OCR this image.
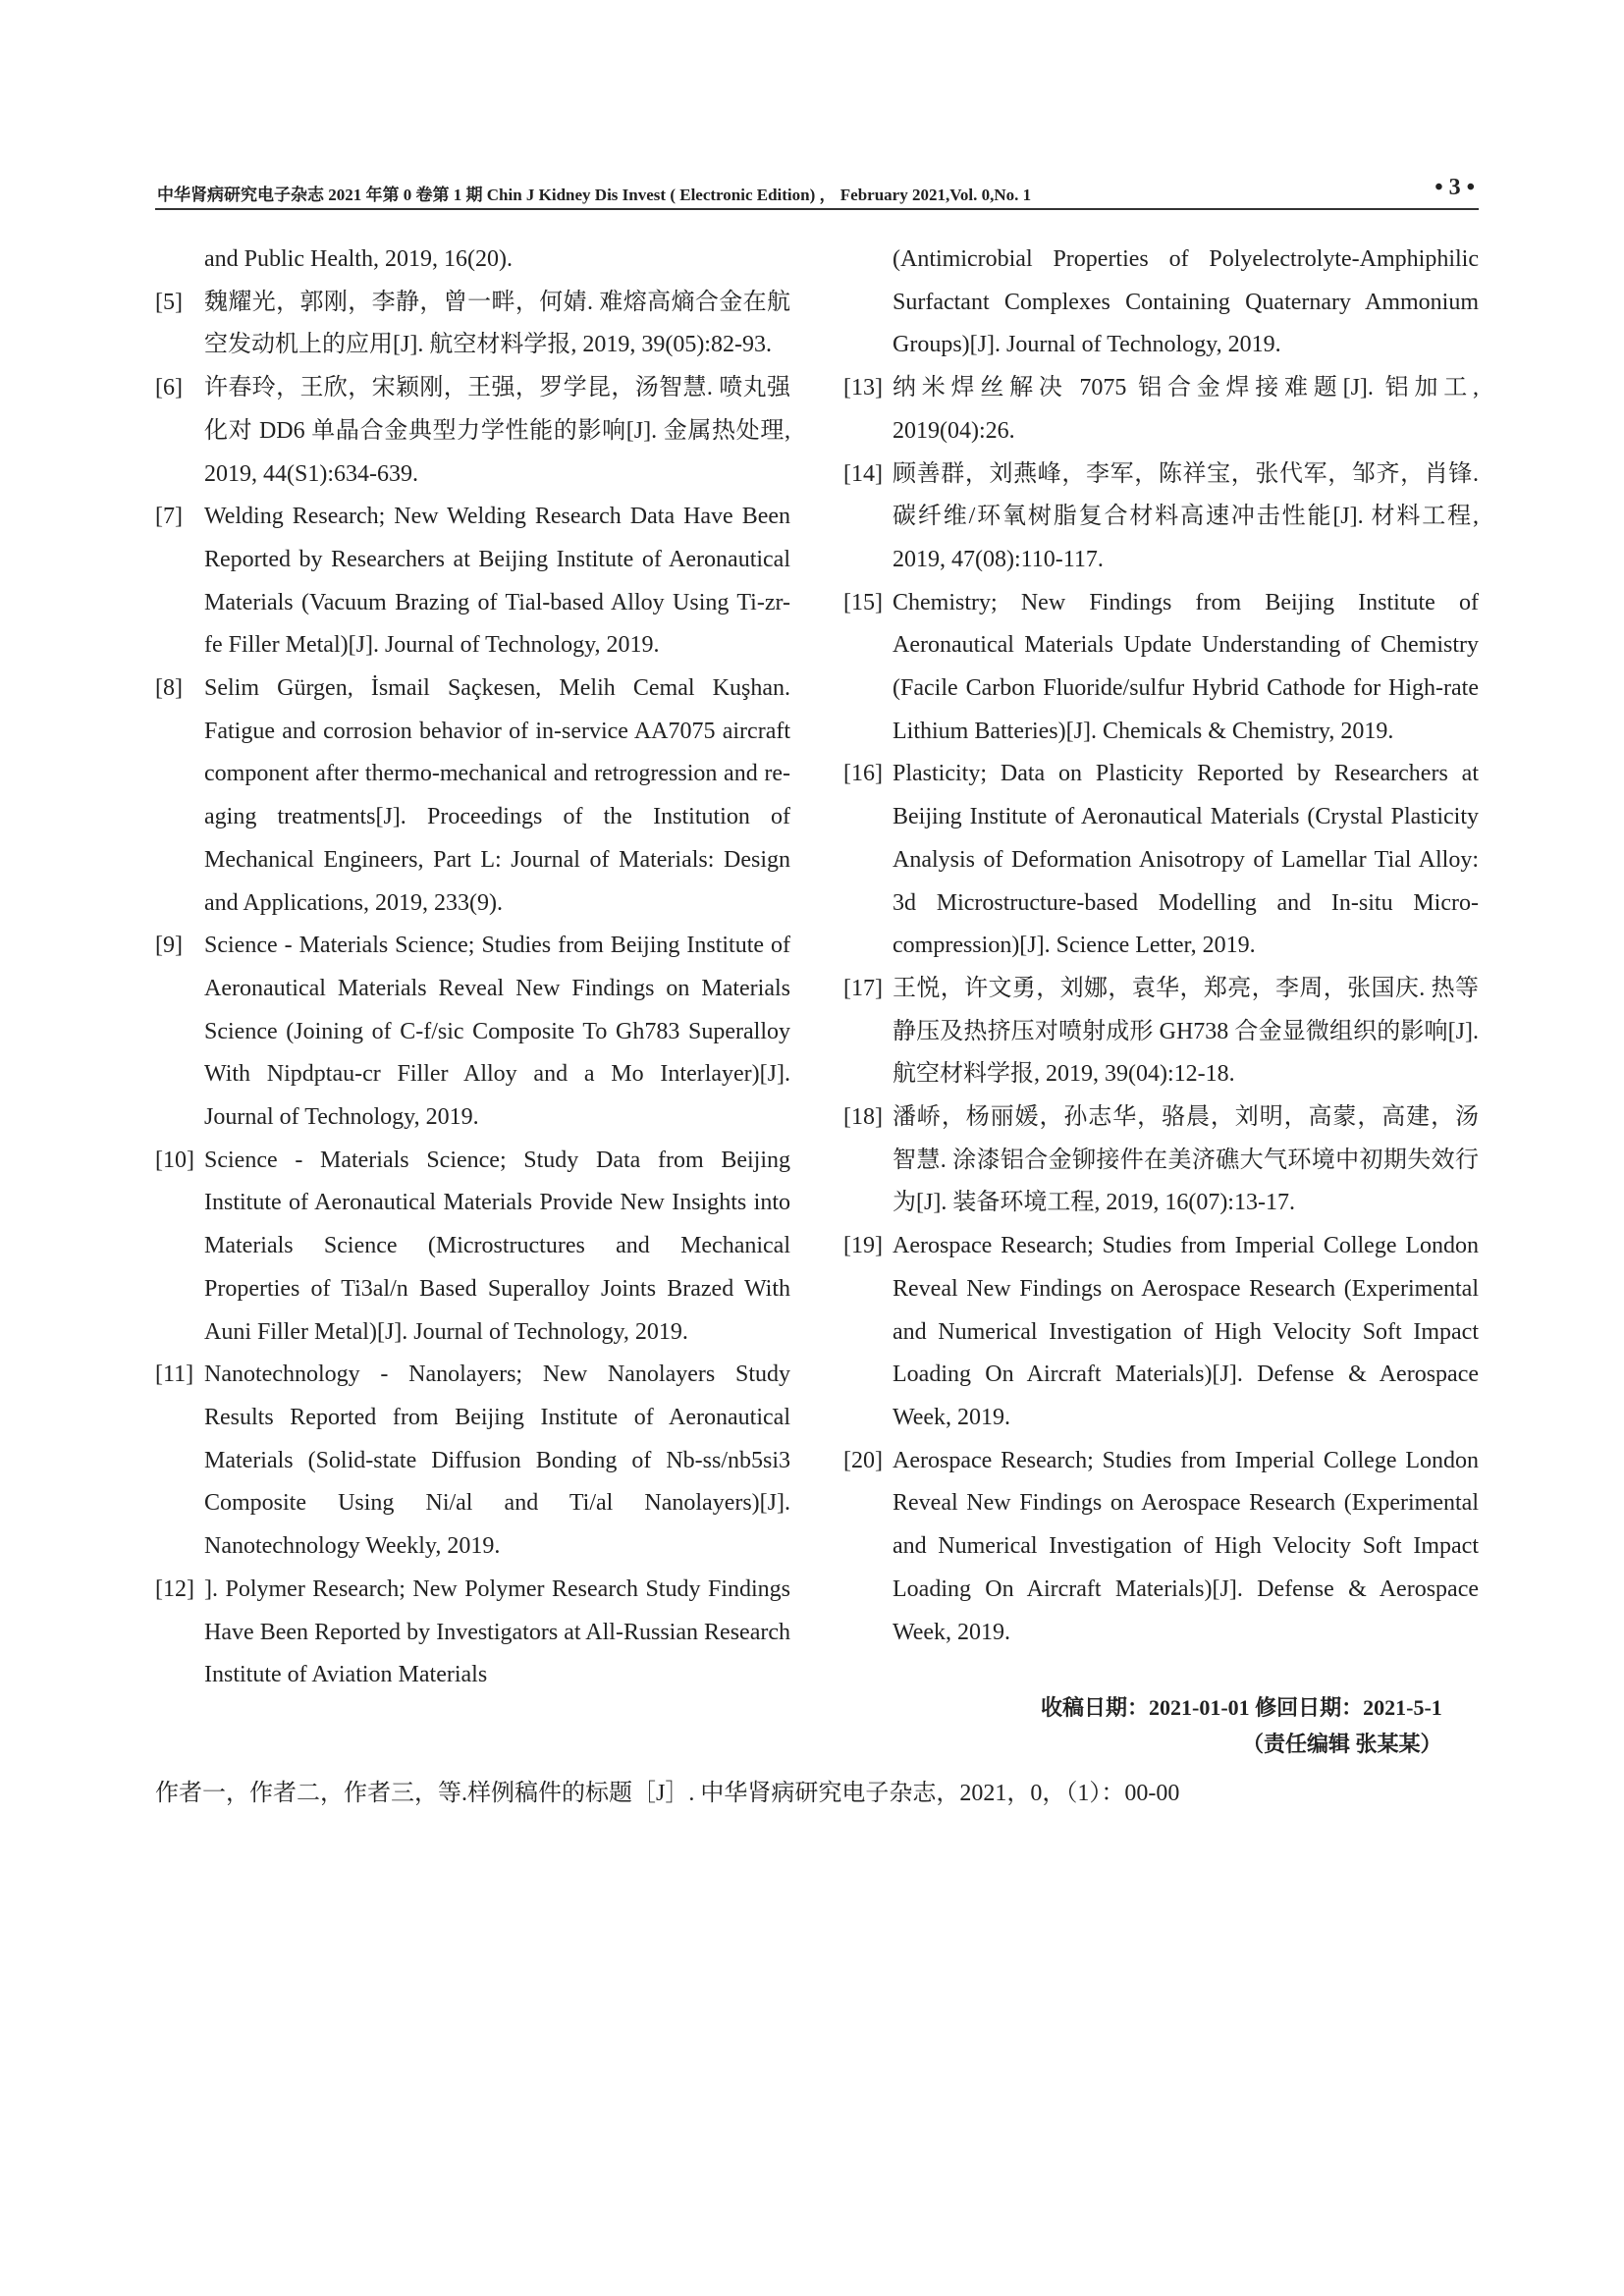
中华肾病研究电子杂志 2021 年第 0 卷第 1 期 Chin J Kidney Dis Invest ( Electronic Edition) ， February 2021,Vol. 0,No. 1	• 3 •
and Public Health, 2019, 16(20).
[5] 魏耀光，郭刚，李静，曾一畔，何婧. 难熔高熵合金在航空发动机上的应用[J]. 航空材料学报, 2019, 39(05):82-93.
[6] 许春玲，王欣，宋颖刚，王强，罗学昆，汤智慧. 喷丸强化对 DD6 单晶合金典型力学性能的影响[J]. 金属热处理, 2019, 44(S1):634-639.
[7] Welding Research; New Welding Research Data Have Been Reported by Researchers at Beijing Institute of Aeronautical Materials (Vacuum Brazing of Tial-based Alloy Using Ti-zr-fe Filler Metal)[J]. Journal of Technology, 2019.
[8] Selim Gürgen, İsmail Saçkesen, Melih Cemal Kuşhan. Fatigue and corrosion behavior of in-service AA7075 aircraft component after thermo-mechanical and retrogression and re-aging treatments[J]. Proceedings of the Institution of Mechanical Engineers, Part L: Journal of Materials: Design and Applications, 2019, 233(9).
[9] Science - Materials Science; Studies from Beijing Institute of Aeronautical Materials Reveal New Findings on Materials Science (Joining of C-f/sic Composite To Gh783 Superalloy With Nipdptau-cr Filler Alloy and a Mo Interlayer)[J]. Journal of Technology, 2019.
[10] Science - Materials Science; Study Data from Beijing Institute of Aeronautical Materials Provide New Insights into Materials Science (Microstructures and Mechanical Properties of Ti3al/n Based Superalloy Joints Brazed With Auni Filler Metal)[J]. Journal of Technology, 2019.
[11] Nanotechnology - Nanolayers; New Nanolayers Study Results Reported from Beijing Institute of Aeronautical Materials (Solid-state Diffusion Bonding of Nb-ss/nb5si3 Composite Using Ni/al and Ti/al Nanolayers)[J]. Nanotechnology Weekly, 2019.
[12] ]. Polymer Research; New Polymer Research Study Findings Have Been Reported by Investigators at All-Russian Research Institute of Aviation Materials
(Antimicrobial Properties of Polyelectrolyte-Amphiphilic Surfactant Complexes Containing Quaternary Ammonium Groups)[J]. Journal of Technology, 2019.
[13] 纳米焊丝解决 7075 铝合金焊接难题[J]. 铝加工, 2019(04):26.
[14] 顾善群，刘燕峰，李军，陈祥宝，张代军，邹齐，肖锋. 碳纤维/环氧树脂复合材料高速冲击性能[J]. 材料工程, 2019, 47(08):110-117.
[15] Chemistry; New Findings from Beijing Institute of Aeronautical Materials Update Understanding of Chemistry (Facile Carbon Fluoride/sulfur Hybrid Cathode for High-rate Lithium Batteries)[J]. Chemicals & Chemistry, 2019.
[16] Plasticity; Data on Plasticity Reported by Researchers at Beijing Institute of Aeronautical Materials (Crystal Plasticity Analysis of Deformation Anisotropy of Lamellar Tial Alloy: 3d Microstructure-based Modelling and In-situ Micro-compression)[J]. Science Letter, 2019.
[17] 王悦，许文勇，刘娜，袁华，郑亮，李周，张国庆. 热等静压及热挤压对喷射成形 GH738 合金显微组织的影响[J]. 航空材料学报, 2019, 39(04):12-18.
[18] 潘峤，杨丽媛，孙志华，骆晨，刘明，高蒙，高建，汤智慧. 涂漆铝合金铆接件在美济礁大气环境中初期失效行为[J]. 装备环境工程, 2019, 16(07):13-17.
[19] Aerospace Research; Studies from Imperial College London Reveal New Findings on Aerospace Research (Experimental and Numerical Investigation of High Velocity Soft Impact Loading On Aircraft Materials)[J]. Defense & Aerospace Week, 2019.
[20] Aerospace Research; Studies from Imperial College London Reveal New Findings on Aerospace Research (Experimental and Numerical Investigation of High Velocity Soft Impact Loading On Aircraft Materials)[J]. Defense & Aerospace Week, 2019.
收稿日期：2021-01-01 修回日期：2021-5-1
（责任编辑 张某某）
作者一，作者二，作者三，等.样例稿件的标题［J］. 中华肾病研究电子杂志，2021，0，（1）：00-00
